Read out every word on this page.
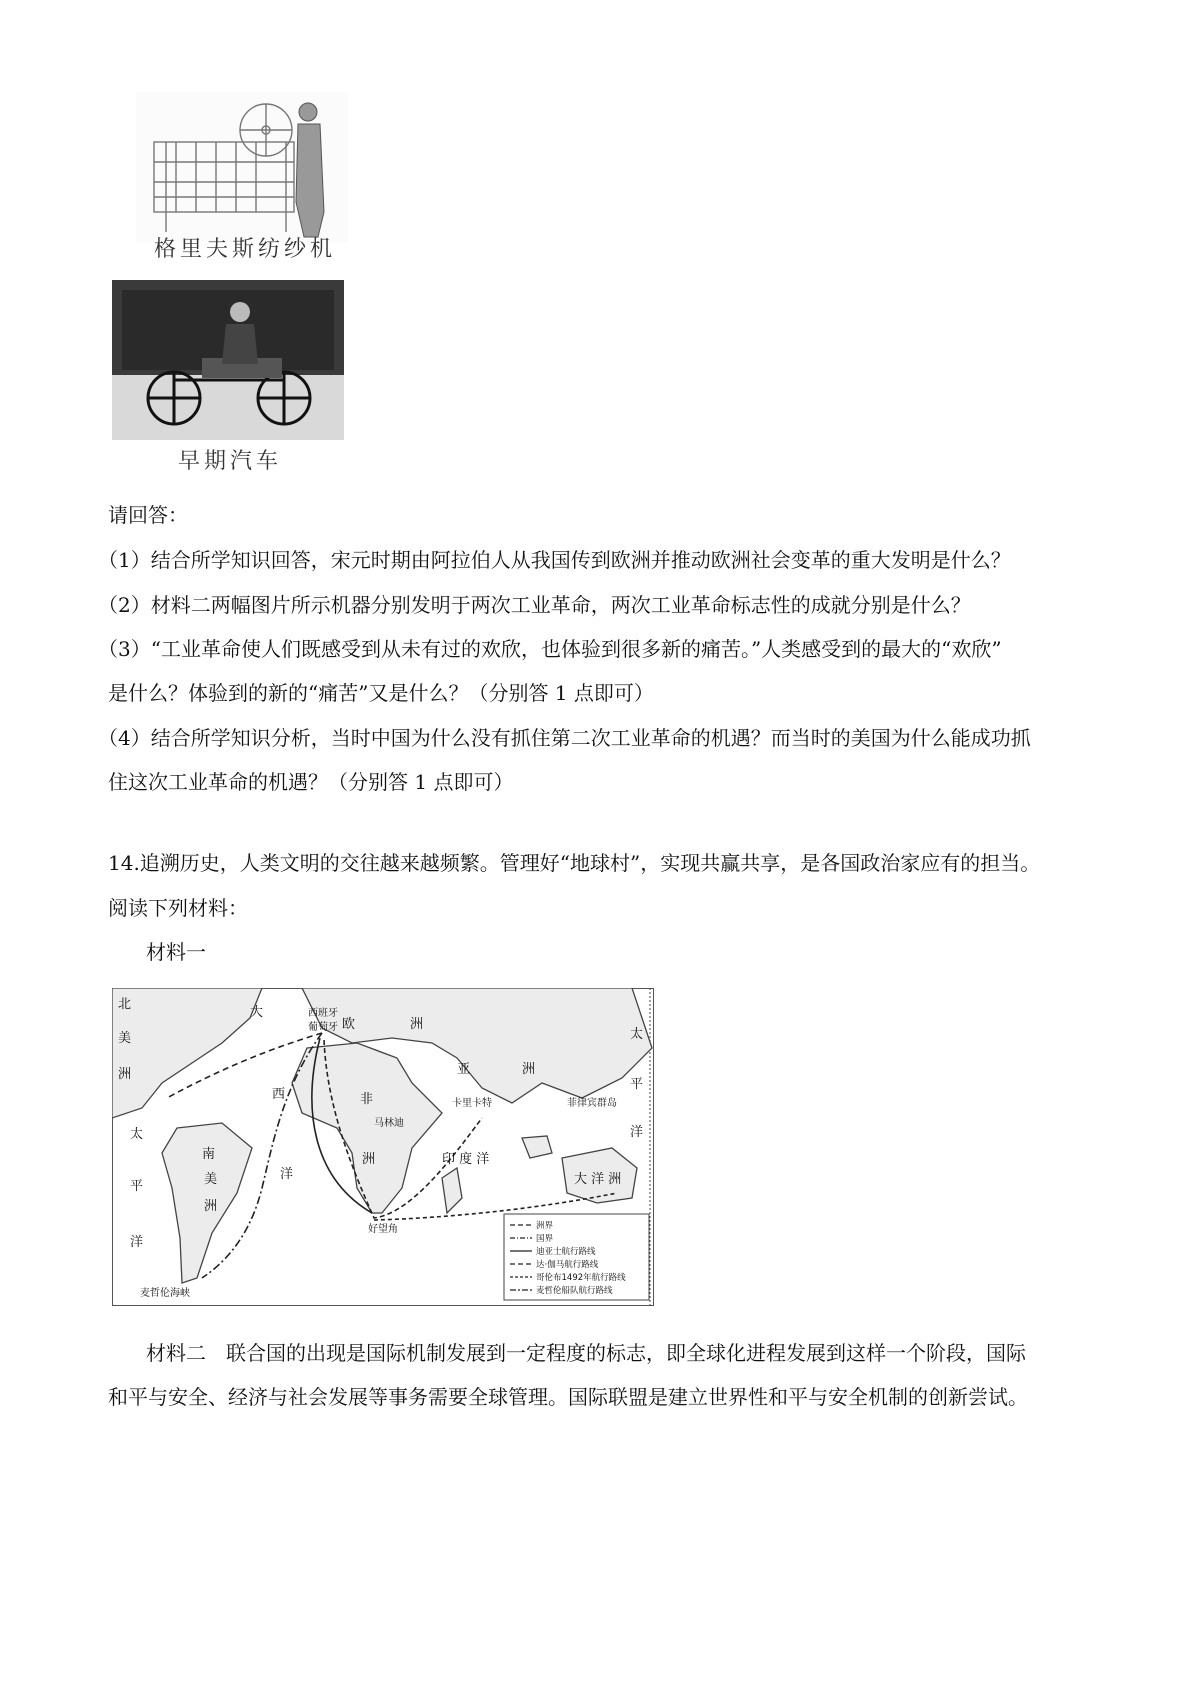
格里夫斯纺纱机
早期汽车
请回答：
（1）结合所学知识回答，宋元时期由阿拉伯人从我国传到欧洲并推动欧洲社会变革的重大发明是什么？
（2）材料二两幅图片所示机器分别发明于两次工业革命，两次工业革命标志性的成就分别是什么？
（3）“工业革命使人们既感受到从未有过的欢欣，也体验到很多新的痛苦。”人类感受到的最大的“欢欣”
是什么？体验到的新的“痛苦”又是什么？（分别答 1 点即可）
（4）结合所学知识分析，当时中国为什么没有抓住第二次工业革命的机遇？而当时的美国为什么能成功抓
住这次工业革命的机遇？（分别答 1 点即可）
14.追溯历史，人类文明的交往越来越频繁。管理好“地球村”，实现共赢共享，是各国政治家应有的担当。
阅读下列材料：
材料一
北
美
洲
大
西
洋
欧	洲
亚	洲
非
洲
南
美
洲
太
平
洋
太
平
洋
印 度 洋
大 洋 洲
西班牙
葡萄牙
卡里卡特
马林迪
好望角
菲律宾群岛
麦哲伦海峡
洲界
国界
迪亚士航行路线
达·伽马航行路线
哥伦布1492年航行路线
麦哲伦船队航行路线
材料二　联合国的出现是国际机制发展到一定程度的标志，即全球化进程发展到这样一个阶段，国际
和平与安全、经济与社会发展等事务需要全球管理。国际联盟是建立世界性和平与安全机制的创新尝试。
